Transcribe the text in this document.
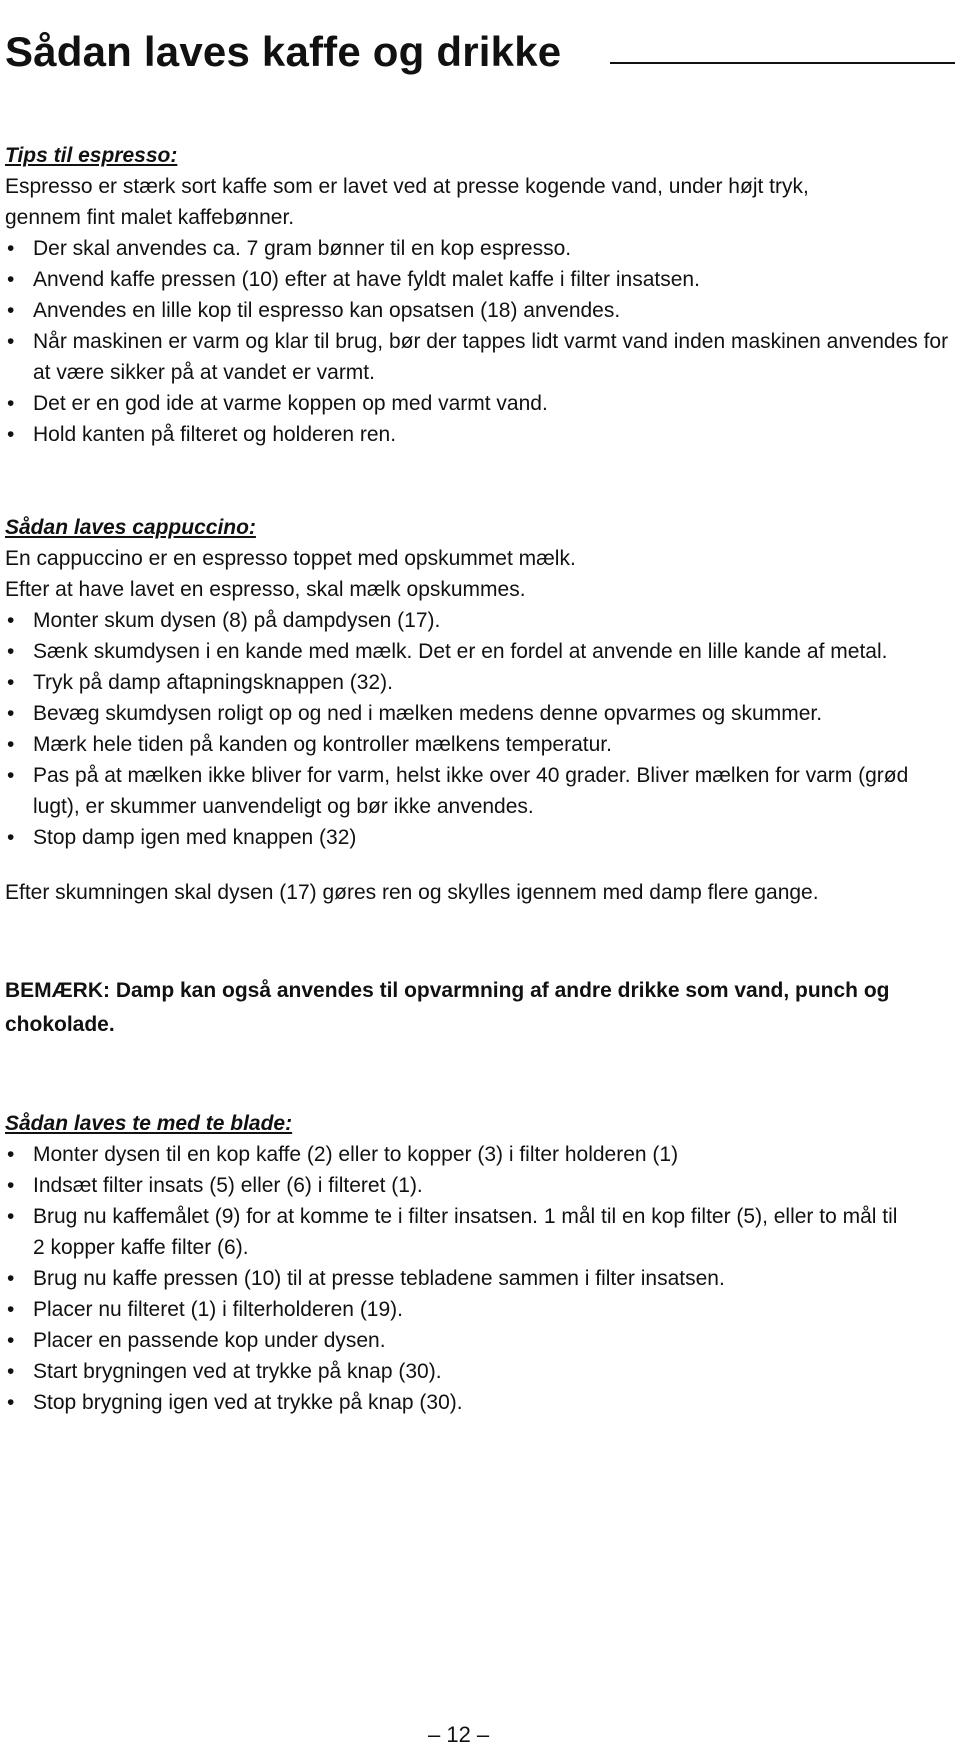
Sådan laves kaffe og drikke

Tips til espresso:

Espresso er stærk sort kaffe som er lavet ved at presse kogende vand, under højt tryk, gennem fint malet kaffebønner.

• Der skal anvendes ca. 7 gram bønner til en kop espresso.
• Anvend kaffe pressen (10) efter at have fyldt malet kaffe i filter insatsen.
• Anvendes en lille kop til espresso kan opsatsen (18) anvendes.
• Når maskinen er varm og klar til brug, bør der tappes lidt varmt vand inden maskinen anvendes for at være sikker på at vandet er varmt.
• Det er en god ide at varme koppen op med varmt vand.
• Hold kanten på filteret og holderen ren.

Sådan laves cappuccino:

En cappuccino er en espresso toppet med opskummet mælk.

Efter at have lavet en espresso, skal mælk opskummes.

• Monter skum dysen (8) på dampdysen (17).
• Sænk skumdysen i en kande med mælk. Det er en fordel at anvende en lille kande af metal.
• Tryk på damp aftapningsknappen (32).
• Bevæg skumdysen roligt op og ned i mælken medens denne opvarmes og skummer.
• Mærk hele tiden på kanden og kontroller mælkens temperatur.
• Pas på at mælken ikke bliver for varm, helst ikke over 40 grader. Bliver mælken for varm (grød lugt), er skummer uanvendeligt og bør ikke anvendes.
• Stop damp igen med knappen (32)

Efter skumningen skal dysen (17) gøres ren og skylles igennem med damp flere gange.

BEMÆRK: Damp kan også anvendes til opvarmning af andre drikke som vand, punch og chokolade.

Sådan laves te med te blade:

• Monter dysen til en kop kaffe (2) eller to kopper (3) i filter holderen (1)
• Indsæt filter insats (5) eller (6) i filteret (1).
• Brug nu kaffemålet (9) for at komme te i filter insatsen. 1 mål til en kop filter (5), eller to mål til 2 kopper kaffe filter (6).
• Brug nu kaffe pressen (10) til at presse tebladene sammen i filter insatsen.
• Placer nu filteret (1) i filterholderen (19).
• Placer en passende kop under dysen.
• Start brygningen ved at trykke på knap (30).
• Stop brygning igen ved at trykke på knap (30).
– 12 –
